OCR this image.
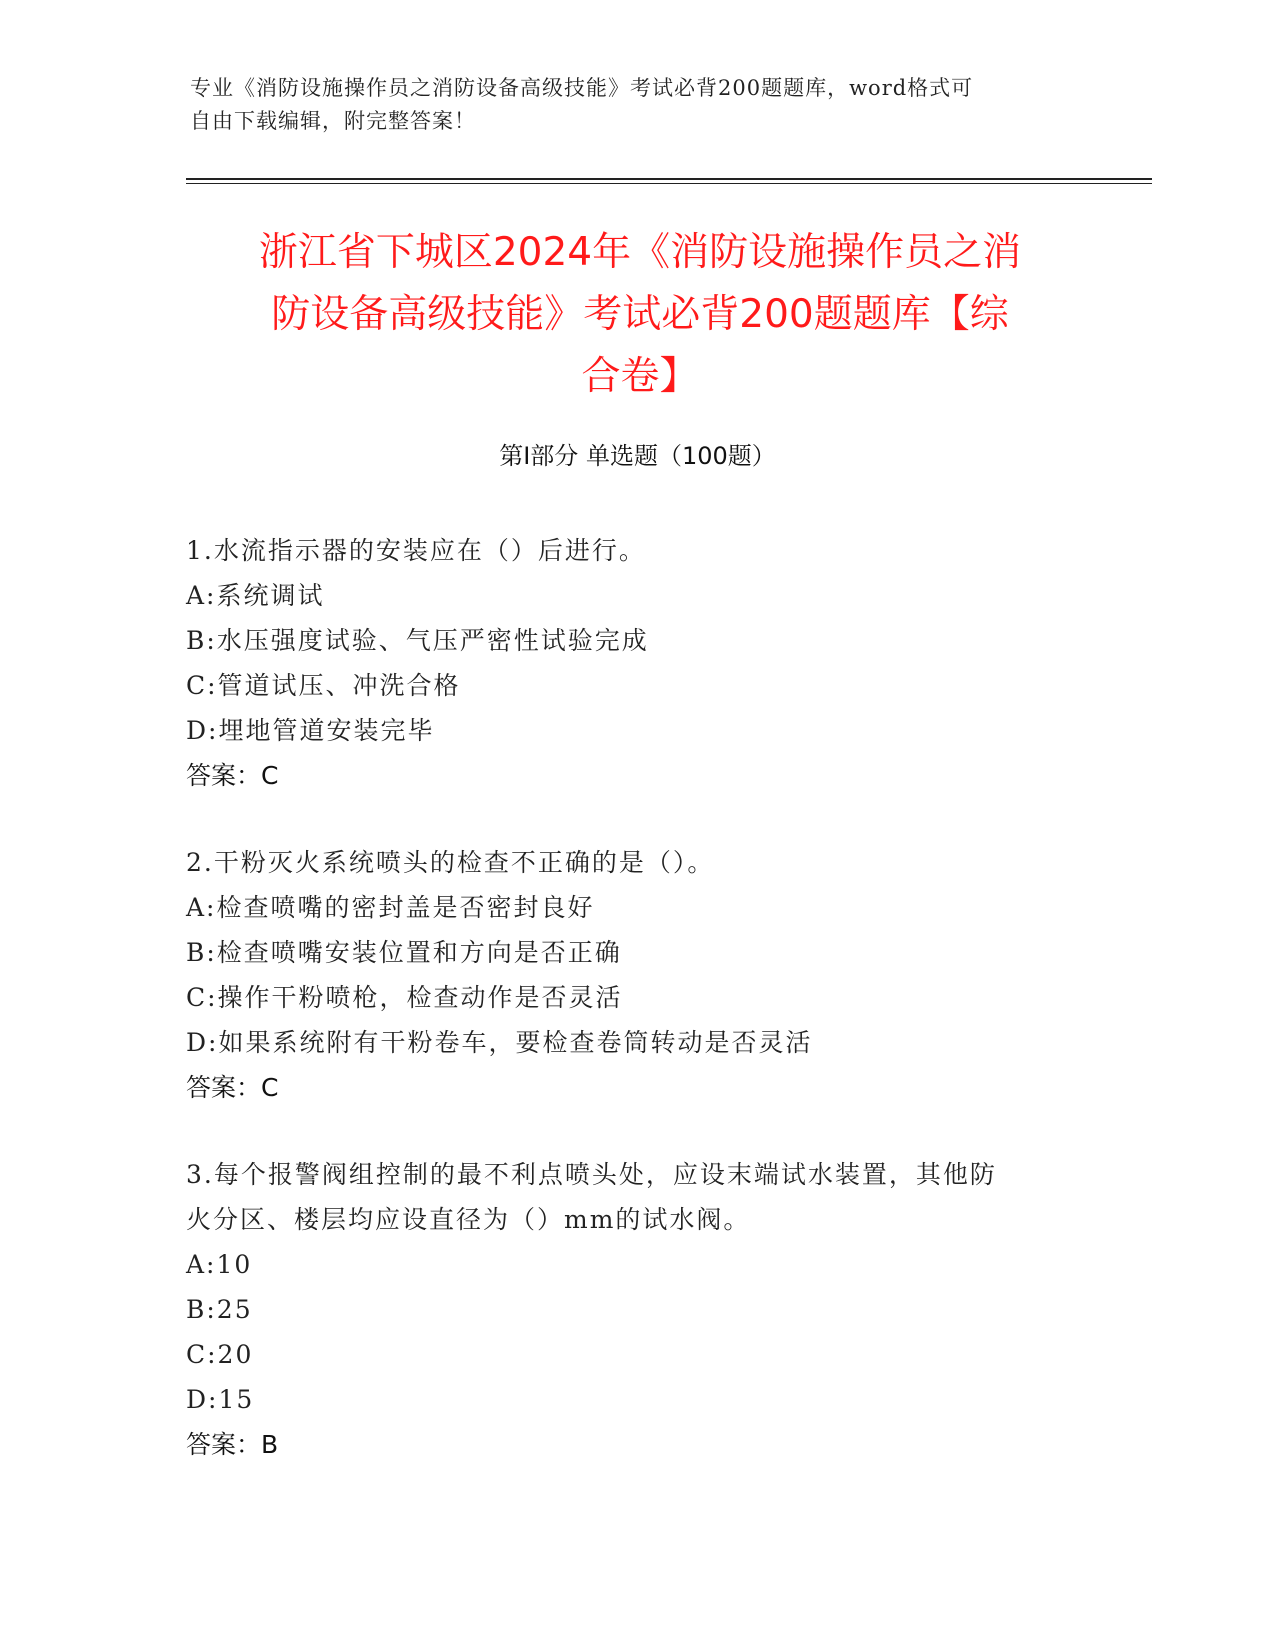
专业《消防设施操作员之消防设备高级技能》考试必背200题题库，word格式可
自由下载编辑，附完整答案！
浙江省下城区2024年《消防设施操作员之消
防设备高级技能》考试必背200题题库【综
合卷】
第I部分 单选题（100题）
1.水流指示器的安装应在（）后进行。
A:系统调试
B:水压强度试验、气压严密性试验完成
C:管道试压、冲洗合格
D:埋地管道安装完毕
答案：C
2.干粉灭火系统喷头的检查不正确的是（）。
A:检查喷嘴的密封盖是否密封良好
B:检查喷嘴安装位置和方向是否正确
C:操作干粉喷枪，检查动作是否灵活
D:如果系统附有干粉卷车，要检查卷筒转动是否灵活
答案：C
3.每个报警阀组控制的最不利点喷头处，应设末端试水装置，其他防
火分区、楼层均应设直径为（）mm的试水阀。
A:10
B:25
C:20
D:15
答案：B
